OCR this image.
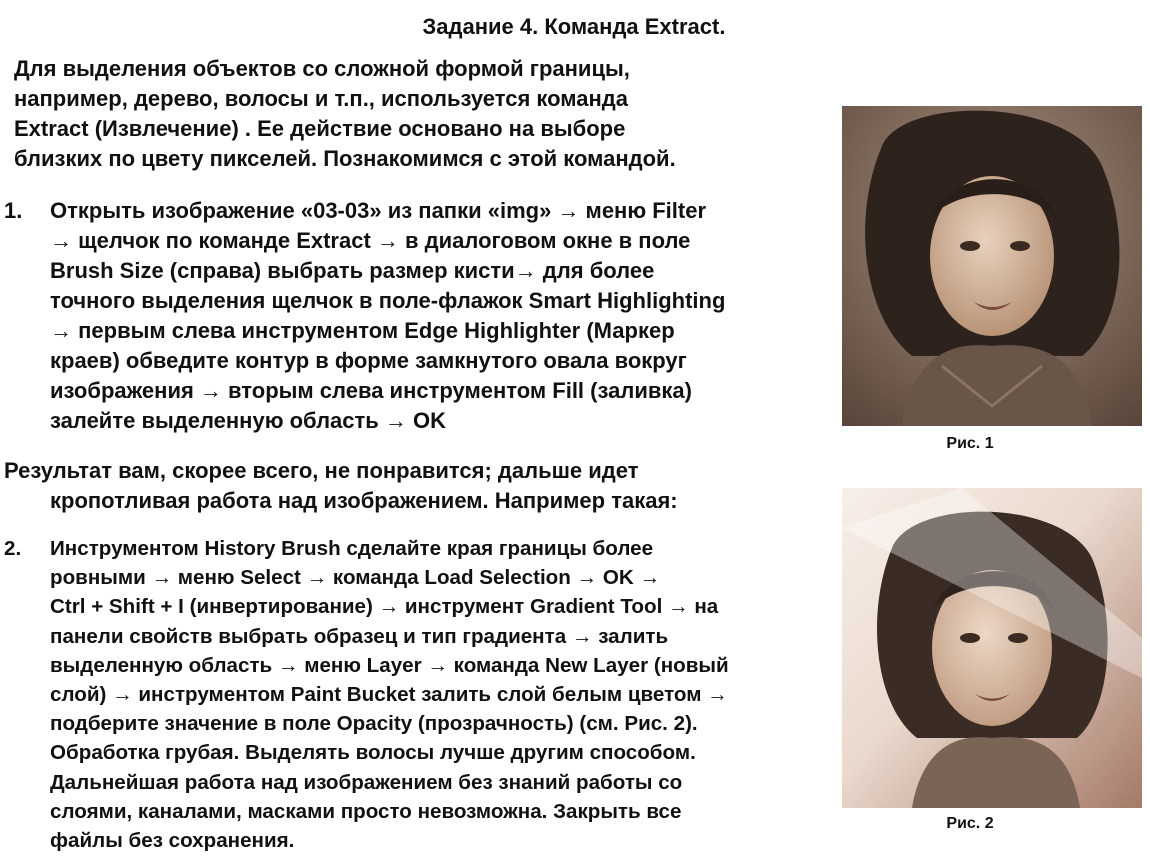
Задание 4. Команда Extract.
Для выделения объектов со сложной формой границы,
например, дерево, волосы и т.п., используется команда
Extract (Извлечение) . Ее действие основано на выборе
близких по цвету пикселей. Познакомимся с этой командой.
1. Открыть изображение «03-03» из папки «img» → меню Filter
→ щелчок по команде Extract → в диалоговом окне в поле
Brush Size (справа) выбрать размер кисти→ для более
точного выделения щелчок в поле-флажок Smart Highlighting
→ первым слева инструментом Edge Highlighter (Маркер
краев) обведите контур в форме замкнутого овала вокруг
изображения → вторым слева инструментом Fill (заливка)
залейте выделенную область → OK
Результат вам, скорее всего, не понравится; дальше идет
кропотливая работа над изображением. Например такая:
2. Инструментом History Brush сделайте края границы более
ровными → меню Select → команда Load Selection → OK →
Ctrl + Shift + I (инвертирование) → инструмент Gradient Tool → на
панели свойств выбрать образец и тип градиента → залить
выделенную область → меню Layer → команда New Layer (новый
слой) → инструментом Paint Bucket залить слой белым цветом →
подберите значение в поле Opacity (прозрачность) (см. Рис. 2).
Обработка грубая. Выделять волосы лучше другим способом.
Дальнейшая работа над изображением без знаний работы со
слоями, каналами, масками просто невозможна. Закрыть все
файлы без сохранения.
Рис. 1
Рис. 2
